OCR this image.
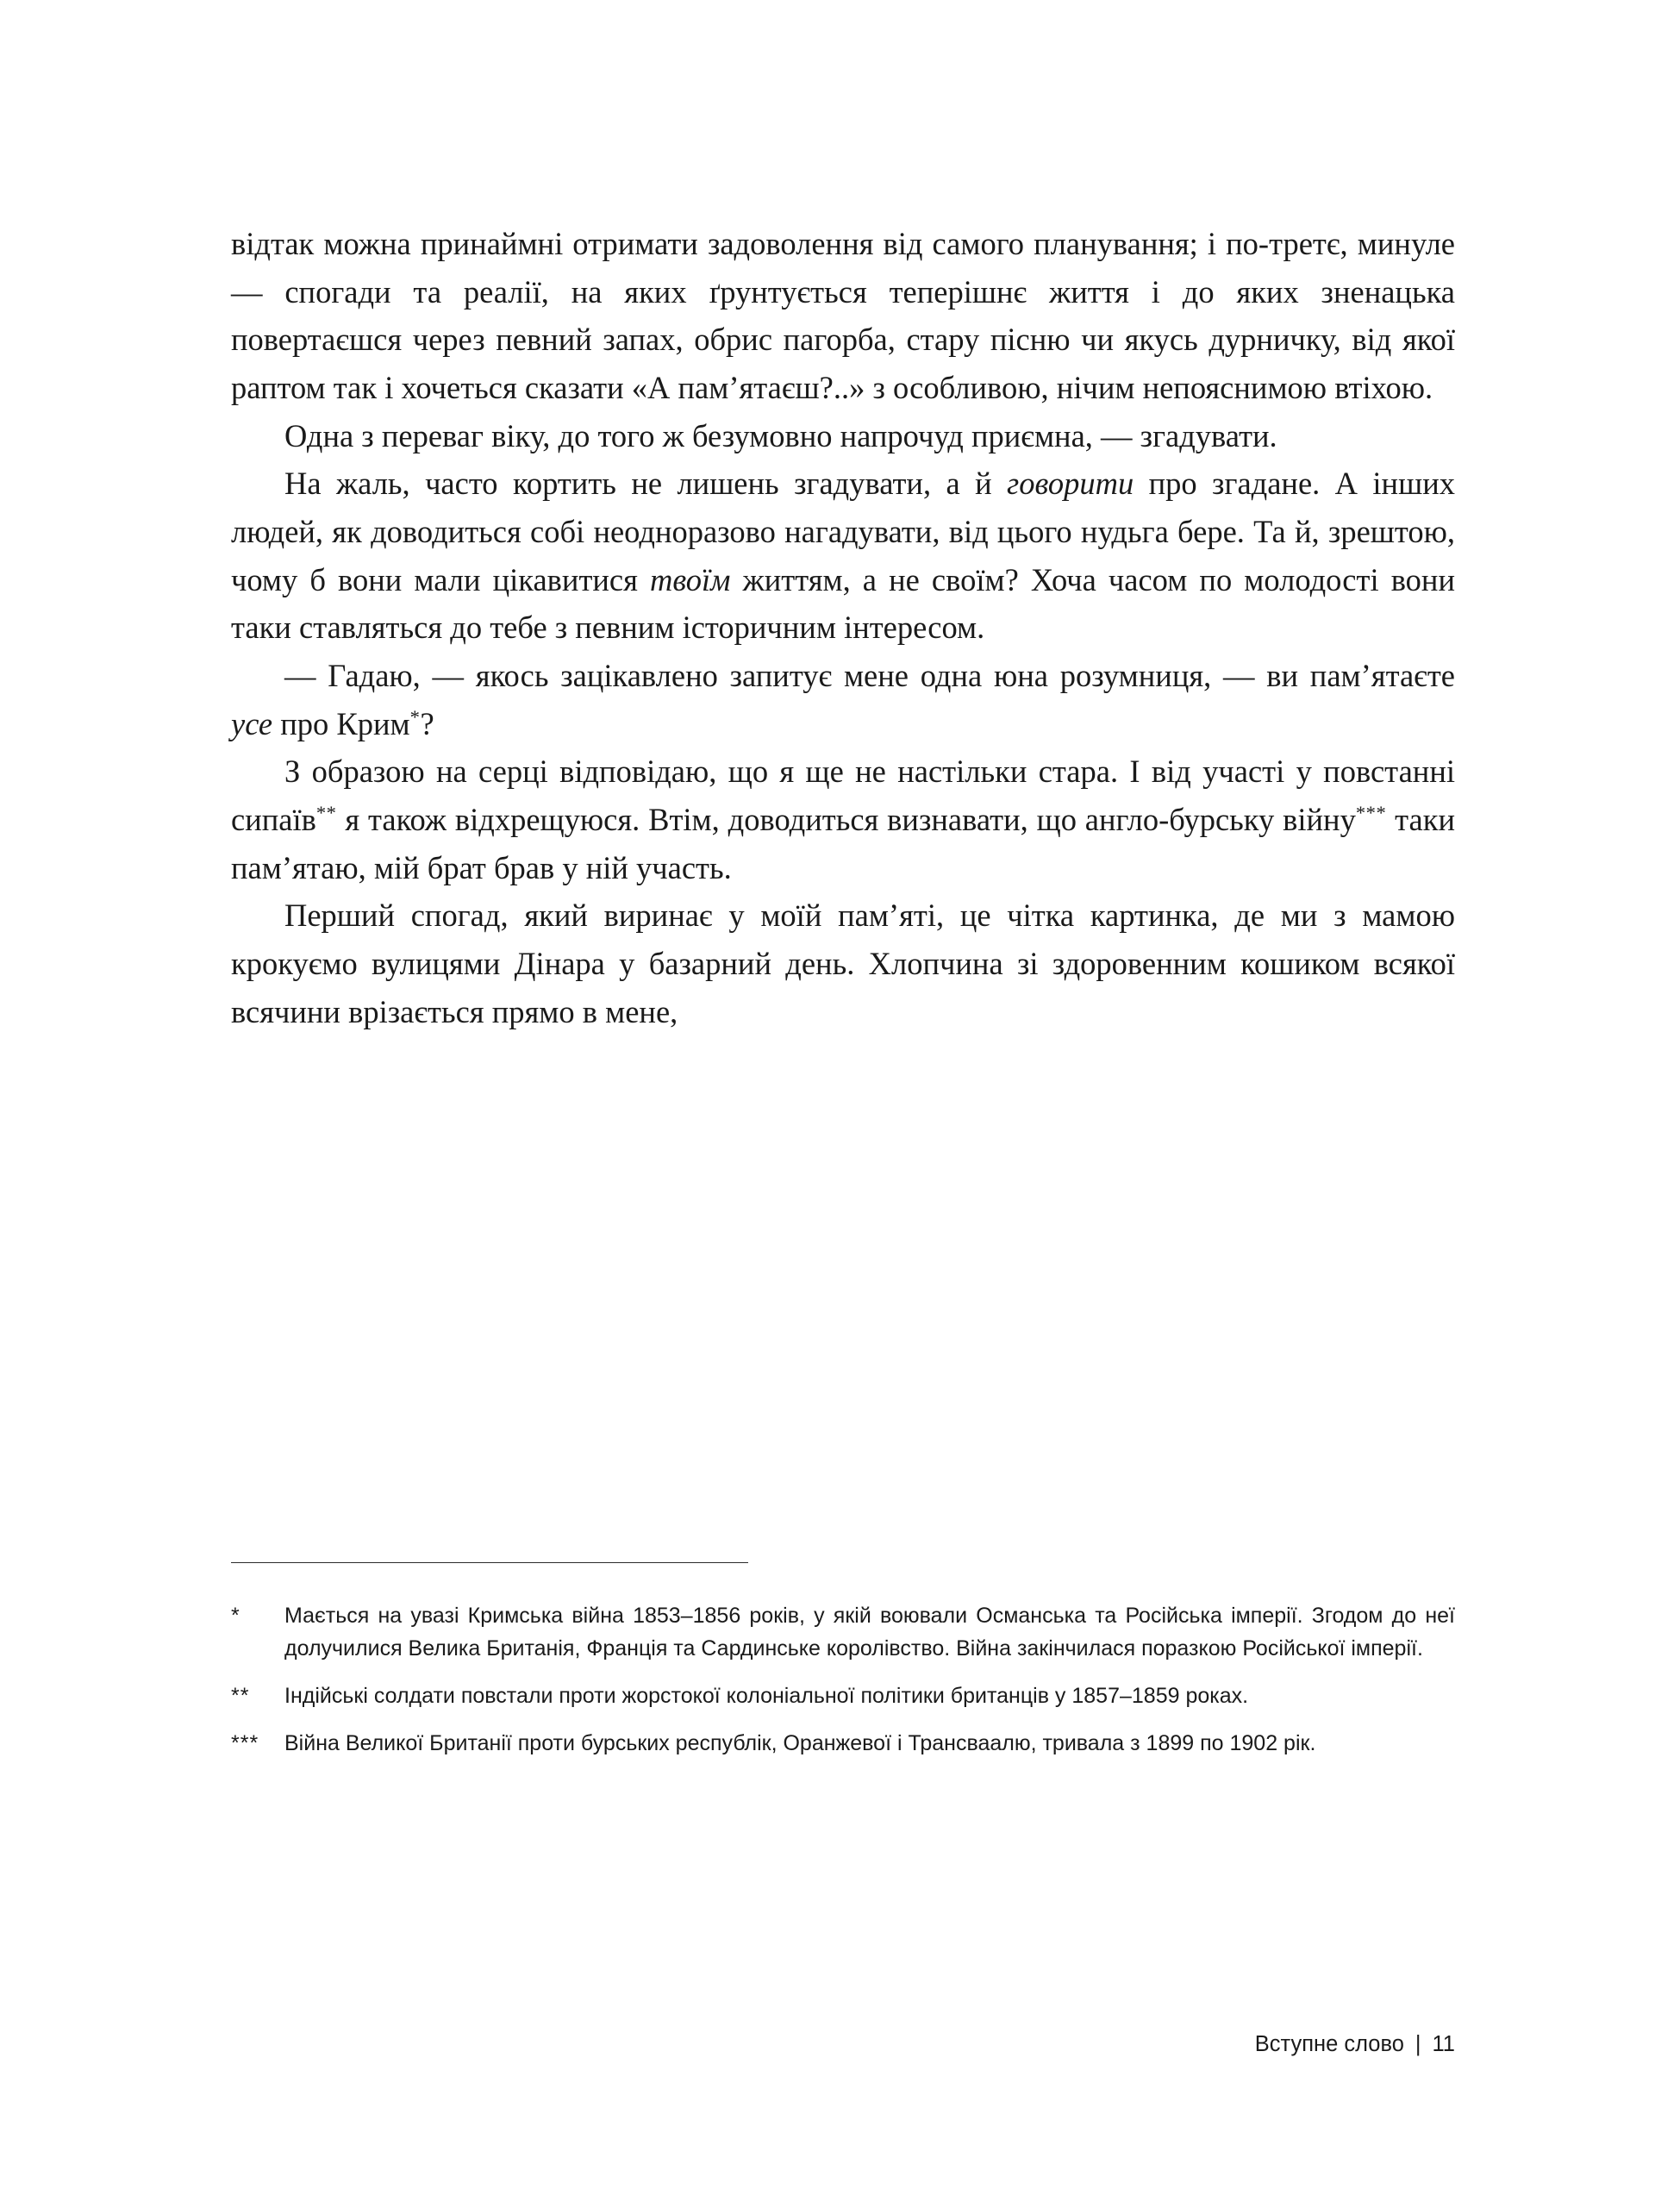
відтак можна принаймні отримати задоволення від самого планування; і по-третє, минуле — спогади та реалії, на яких ґрунтується теперішнє життя і до яких зненацька повертаєшся через певний запах, обрис пагорба, стару пісню чи якусь дурничку, від якої раптом так і хочеться сказати «А пам’ятаєш?..» з особливою, нічим непояснимою втіхою.

Одна з переваг віку, до того ж безумовно напрочуд приємна, — згадувати.

На жаль, часто кортить не лишень згадувати, а й говорити про згадане. А інших людей, як доводиться собі неодноразово нагадувати, від цього нудьга бере. Та й, зрештою, чому б вони мали цікавитися твоїм життям, а не своїм? Хоча часом по молодості вони таки ставляться до тебе з певним історичним інтересом.

— Гадаю, — якось зацікавлено запитує мене одна юна розумниця, — ви пам’ятаєте усе про Крим*?

З образою на серці відповідаю, що я ще не настільки стара. І від участі у повстанні сипаїв** я також відхрещуюся. Втім, доводиться визнавати, що англо-бурську війну*** таки пам’ятаю, мій брат брав у ній участь.

Перший спогад, який виринає у моїй пам’яті, це чітка картинка, де ми з мамою крокуємо вулицями Дінара у базарний день. Хлопчина зі здоровенним кошиком всякої всячини врізається прямо в мене,

*	Мається на увазі Кримська війна 1853–1856 років, у якій воювали Османська та Російська імперії. Згодом до неї долучилися Велика Британія, Франція та Сардинське королівство. Війна закінчилася поразкою Російської імперії.
**	Індійські солдати повстали проти жорстокої колоніальної політики британців у 1857–1859 роках.
***	Війна Великої Британії проти бурських республік, Оранжевої і Трансваалю, тривала з 1899 по 1902 рік.
Вступне слово | 11
